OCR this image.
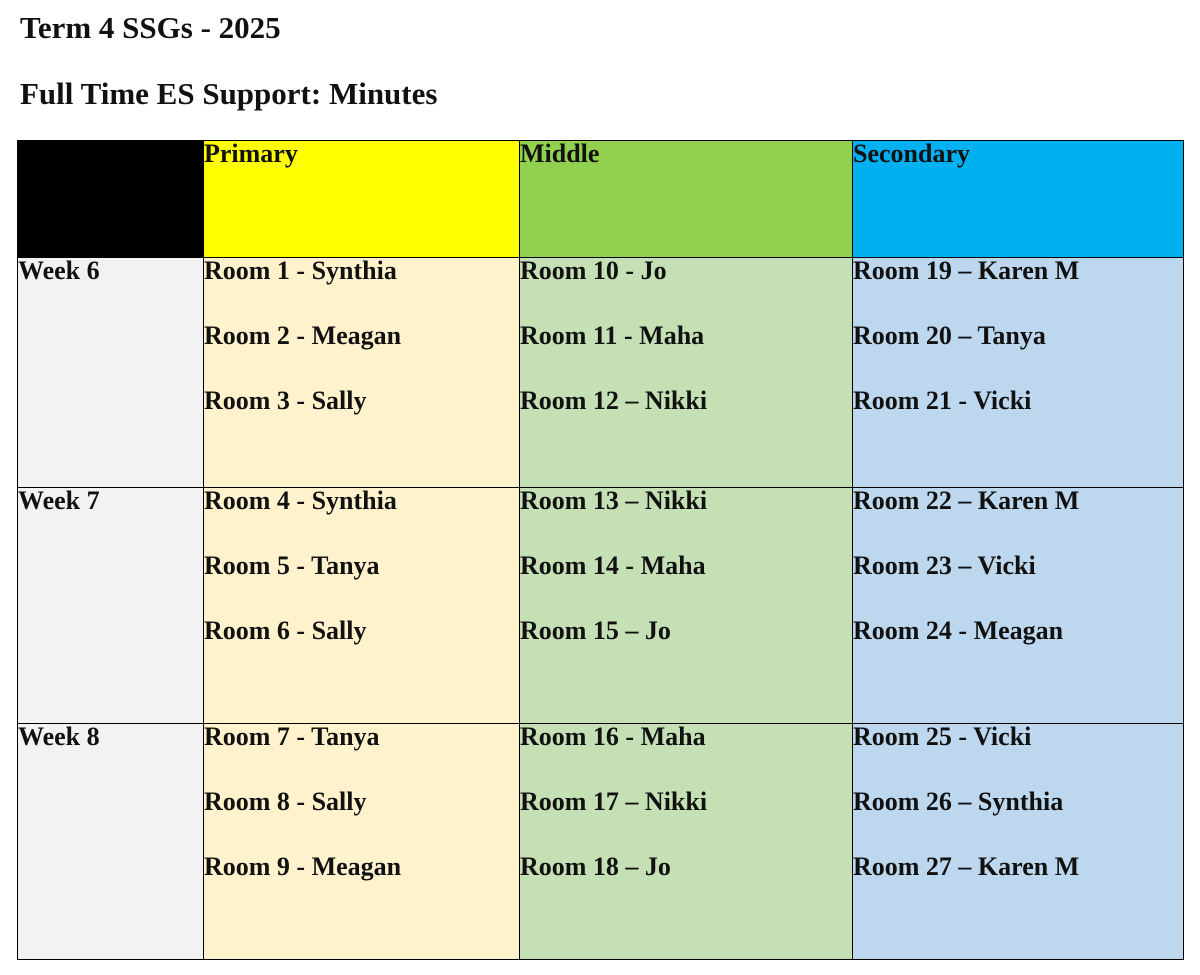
Term 4 SSGs - 2025
Full Time ES Support: Minutes
	Primary	Middle	Secondary
Week 6	Room 1 - Synthia
Room 2 - Meagan
Room 3 - Sally	Room 10 - Jo
Room 11 - Maha
Room 12 – Nikki	Room 19 – Karen M
Room 20 – Tanya
Room 21 - Vicki

Week 7	Room 4 - Synthia
Room 5 - Tanya
Room 6 - Sally	Room 13 – Nikki
Room 14 - Maha
Room 15 – Jo	Room 22 – Karen M
Room 23 – Vicki
Room 24 - Meagan

Week 8	Room 7 - Tanya
Room 8 - Sally
Room 9 - Meagan	Room 16 - Maha
Room 17 – Nikki
Room 18 – Jo	Room 25 - Vicki
Room 26 – Synthia
Room 27 – Karen M
